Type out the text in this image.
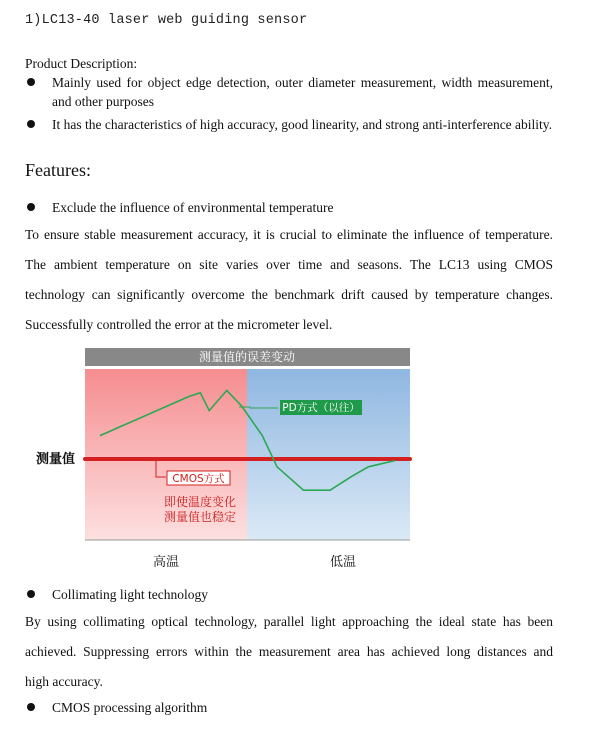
1)LC13-40 laser web guiding sensor
Product Description:
Mainly used for object edge detection, outer diameter measurement, width measurement, and other purposes
It has the characteristics of high accuracy, good linearity, and strong anti-interference ability.
Features:
Exclude the influence of environmental temperature
To ensure stable measurement accuracy, it is crucial to eliminate the influence of temperature.
The ambient temperature on site varies over time and seasons. The LC13 using CMOS
technology can significantly overcome the benchmark drift caused by temperature changes.
Successfully controlled the error at the micrometer level.
测量值的误差变动
PD方式（以往）
CMOS方式
即使温度变化
测量值也稳定
测量值
高温	低温
Collimating light technology
By using collimating optical technology, parallel light approaching the ideal state has been
achieved. Suppressing errors within the measurement area has achieved long distances and
high accuracy.
CMOS processing algorithm
